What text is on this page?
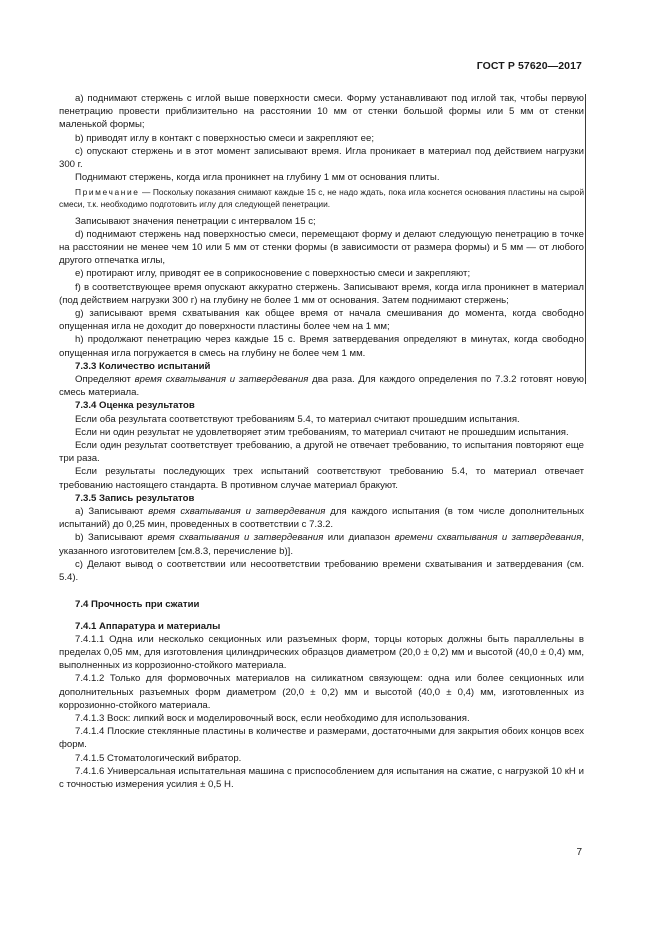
ГОСТ Р 57620—2017

а) поднимают стержень с иглой выше поверхности смеси. Форму устанавливают под иглой так, чтобы первую пенетрацию провести приблизительно на расстоянии 10 мм от стенки большой формы или 5 мм от стенки маленькой формы;

b) приводят иглу в контакт с поверхностью смеси и закрепляют ее;

c) опускают стержень и в этот момент записывают время. Игла проникает в материал под действием нагрузки 300 г.

Поднимают стержень, когда игла проникнет на глубину 1 мм от основания плиты.

Примечание — Поскольку показания снимают каждые 15 с, не надо ждать, пока игла коснется основания пластины на сырой смеси, т.к. необходимо подготовить иглу для следующей пенетрации.

Записывают значения пенетрации с интервалом 15 с;

d) поднимают стержень над поверхностью смеси, перемещают форму и делают следующую пенетрацию в точке на расстоянии не менее чем 10 или 5 мм от стенки формы (в зависимости от размера формы) и 5 мм — от любого другого отпечатка иглы,

e) протирают иглу, приводят ее в соприкосновение с поверхностью смеси и закрепляют;

f) в соответствующее время опускают аккуратно стержень. Записывают время, когда игла проникнет в материал (под действием нагрузки 300 г) на глубину не более 1 мм от основания. Затем поднимают стержень;

g) записывают время схватывания как общее время от начала смешивания до момента, когда свободно опущенная игла не доходит до поверхности пластины более чем на 1 мм;

h) продолжают пенетрацию через каждые 15 с. Время затвердевания определяют в минутах, когда свободно опущенная игла погружается в смесь на глубину не более чем 1 мм.

7.3.3 Количество испытаний

Определяют время схватывания и затвердевания два раза. Для каждого определения по 7.3.2 готовят новую смесь материала.

7.3.4 Оценка результатов

Если оба результата соответствуют требованиям 5.4, то материал считают прошедшим испытания.

Если ни один результат не удовлетворяет этим требованиям, то материал считают не прошедшим испытания.

Если один результат соответствует требованию, а другой не отвечает требованию, то испытания повторяют еще три раза.

Если результаты последующих трех испытаний соответствуют требованию 5.4, то материал отвечает требованию настоящего стандарта. В противном случае материал бракуют.

7.3.5 Запись результатов

а) Записывают время схватывания и затвердевания для каждого испытания (в том числе дополнительных испытаний) до 0,25 мин, проведенных в соответствии с 7.3.2.

b) Записывают время схватывания и затвердевания или диапазон времени схватывания и затвердевания, указанного изготовителем [см.8.3, перечисление b)].

с) Делают вывод о соответствии или несоответствии требованию времени схватывания и затвердевания (см. 5.4).

7.4 Прочность при сжатии

7.4.1 Аппаратура и материалы

7.4.1.1 Одна или несколько секционных или разъемных форм, торцы которых должны быть параллельны в пределах 0,05 мм, для изготовления цилиндрических образцов диаметром (20,0 ± 0,2) мм и высотой (40,0 ± 0,4) мм, выполненных из коррозионно-стойкого материала.

7.4.1.2 Только для формовочных материалов на силикатном связующем: одна или более секционных или дополнительных разъемных форм диаметром (20,0 ± 0,2) мм и высотой (40,0 ± 0,4) мм, изготовленных из коррозионно-стойкого материала.

7.4.1.3 Воск: липкий воск и моделировочный воск, если необходимо для использования.

7.4.1.4 Плоские стеклянные пластины в количестве и размерами, достаточными для закрытия обоих концов всех форм.

7.4.1.5 Стоматологический вибратор.

7.4.1.6 Универсальная испытательная машина с приспособлением для испытания на сжатие, с нагрузкой 10 кН и с точностью измерения усилия ± 0,5 Н.

7
